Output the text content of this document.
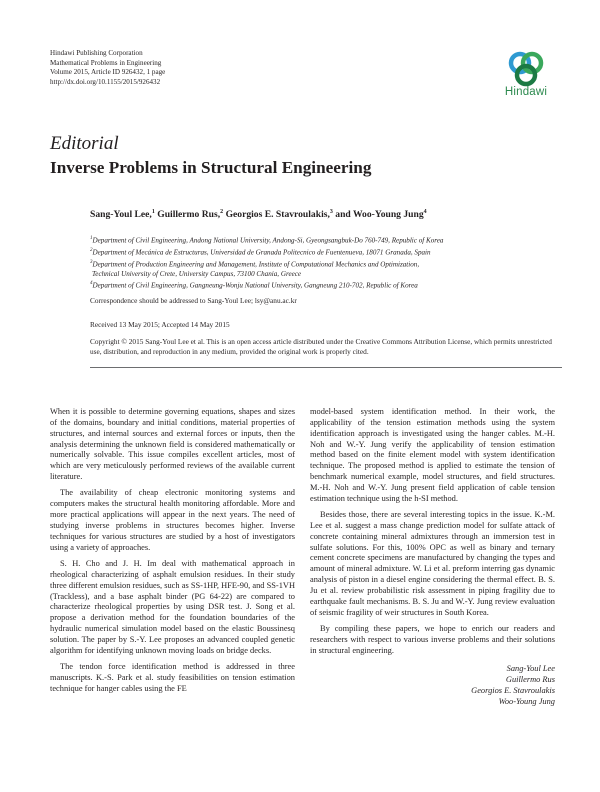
Hindawi Publishing Corporation
Mathematical Problems in Engineering
Volume 2015, Article ID 926432, 1 page
http://dx.doi.org/10.1155/2015/926432
Hindawi
Editorial
Inverse Problems in Structural Engineering
Sang-Youl Lee,$^1$ Guillermo Rus,$^2$ Georgios E. Stavroulakis,$^3$ and Woo-Young Jung$^4$

$^1$Department of Civil Engineering, Andong National University, Andong-Si, Gyeongsangbuk-Do 760-749, Republic of Korea

$^2$Department of Mecánica de Estructuras, Universidad de Granada Politecnico de Fuentenueva, 18071 Granada, Spain

$^3$Department of Production Engineering and Management, Institute of Computational Mechanics and Optimization,

Technical University of Crete, University Campus, 73100 Chania, Greece

$^4$Department of Civil Engineering, Gangneung-Wonju National University, Gangneung 210-702, Republic of Korea

Correspondence should be addressed to Sang-Youl Lee; lsy@anu.ac.kr
Received 13 May 2015; Accepted 14 May 2015
Copyright © 2015 Sang-Youl Lee et al. This is an open access article distributed under the Creative Commons Attribution License, which permits unrestricted use, distribution, and reproduction in any medium, provided the original work is properly cited.

When it is possible to determine governing equations, shapes and sizes of the domains, boundary and initial conditions, material properties of structures, and internal sources and external forces or inputs, then the analysis determining the unknown field is considered mathematically or numerically solvable. This issue compiles excellent articles, most of which are very meticulously performed reviews of the available current literature.

The availability of cheap electronic monitoring systems and computers makes the structural health monitoring affordable. More and more practical applications will appear in the next years. The need of studying inverse problems in structures becomes higher. Inverse techniques for various structures are studied by a host of investigators using a variety of approaches.

S. H. Cho and J. H. Im deal with mathematical approach in rheological characterizing of asphalt emulsion residues. In their study three different emulsion residues, such as SS-1HP, HFE-90, and SS-1VH (Trackless), and a base asphalt binder (PG 64-22) are compared to characterize rheological properties by using DSR test. J. Song et al. propose a derivation method for the foundation boundaries of the hydraulic numerical simulation model based on the elastic Boussinesq solution. The paper by S.-Y. Lee proposes an advanced coupled genetic algorithm for identifying unknown moving loads on bridge decks.

The tendon force identification method is addressed in three manuscripts. K.-S. Park et al. study feasibilities on tension estimation technique for hanger cables using the FE

model-based system identification method. In their work, the applicability of the tension estimation methods using the system identification approach is investigated using the hanger cables. M.-H. Noh and W.-Y. Jung verify the applicability of tension estimation method based on the finite element model with system identification technique. The proposed method is applied to estimate the tension of benchmark numerical example, model structures, and field structures. M.-H. Noh and W.-Y. Jung present field application of cable tension estimation technique using the h-SI method.

Besides those, there are several interesting topics in the issue. K.-M. Lee et al. suggest a mass change prediction model for sulfate attack of concrete containing mineral admixtures through an immersion test in sulfate solutions. For this, 100% OPC as well as binary and ternary cement concrete specimens are manufactured by changing the types and amount of mineral admixture. W. Li et al. preform interring gas dynamic analysis of piston in a diesel engine considering the thermal effect. B. S. Ju et al. review probabilistic risk assessment in piping fragility due to earthquake fault mechanisms. B. S. Ju and W.-Y. Jung review evaluation of seismic fragility of weir structures in South Korea.

By compiling these papers, we hope to enrich our readers and researchers with respect to various inverse problems and their solutions in structural engineering.

Sang-Youl Lee
Guillermo Rus
Georgios E. Stavroulakis
Woo-Young Jung
